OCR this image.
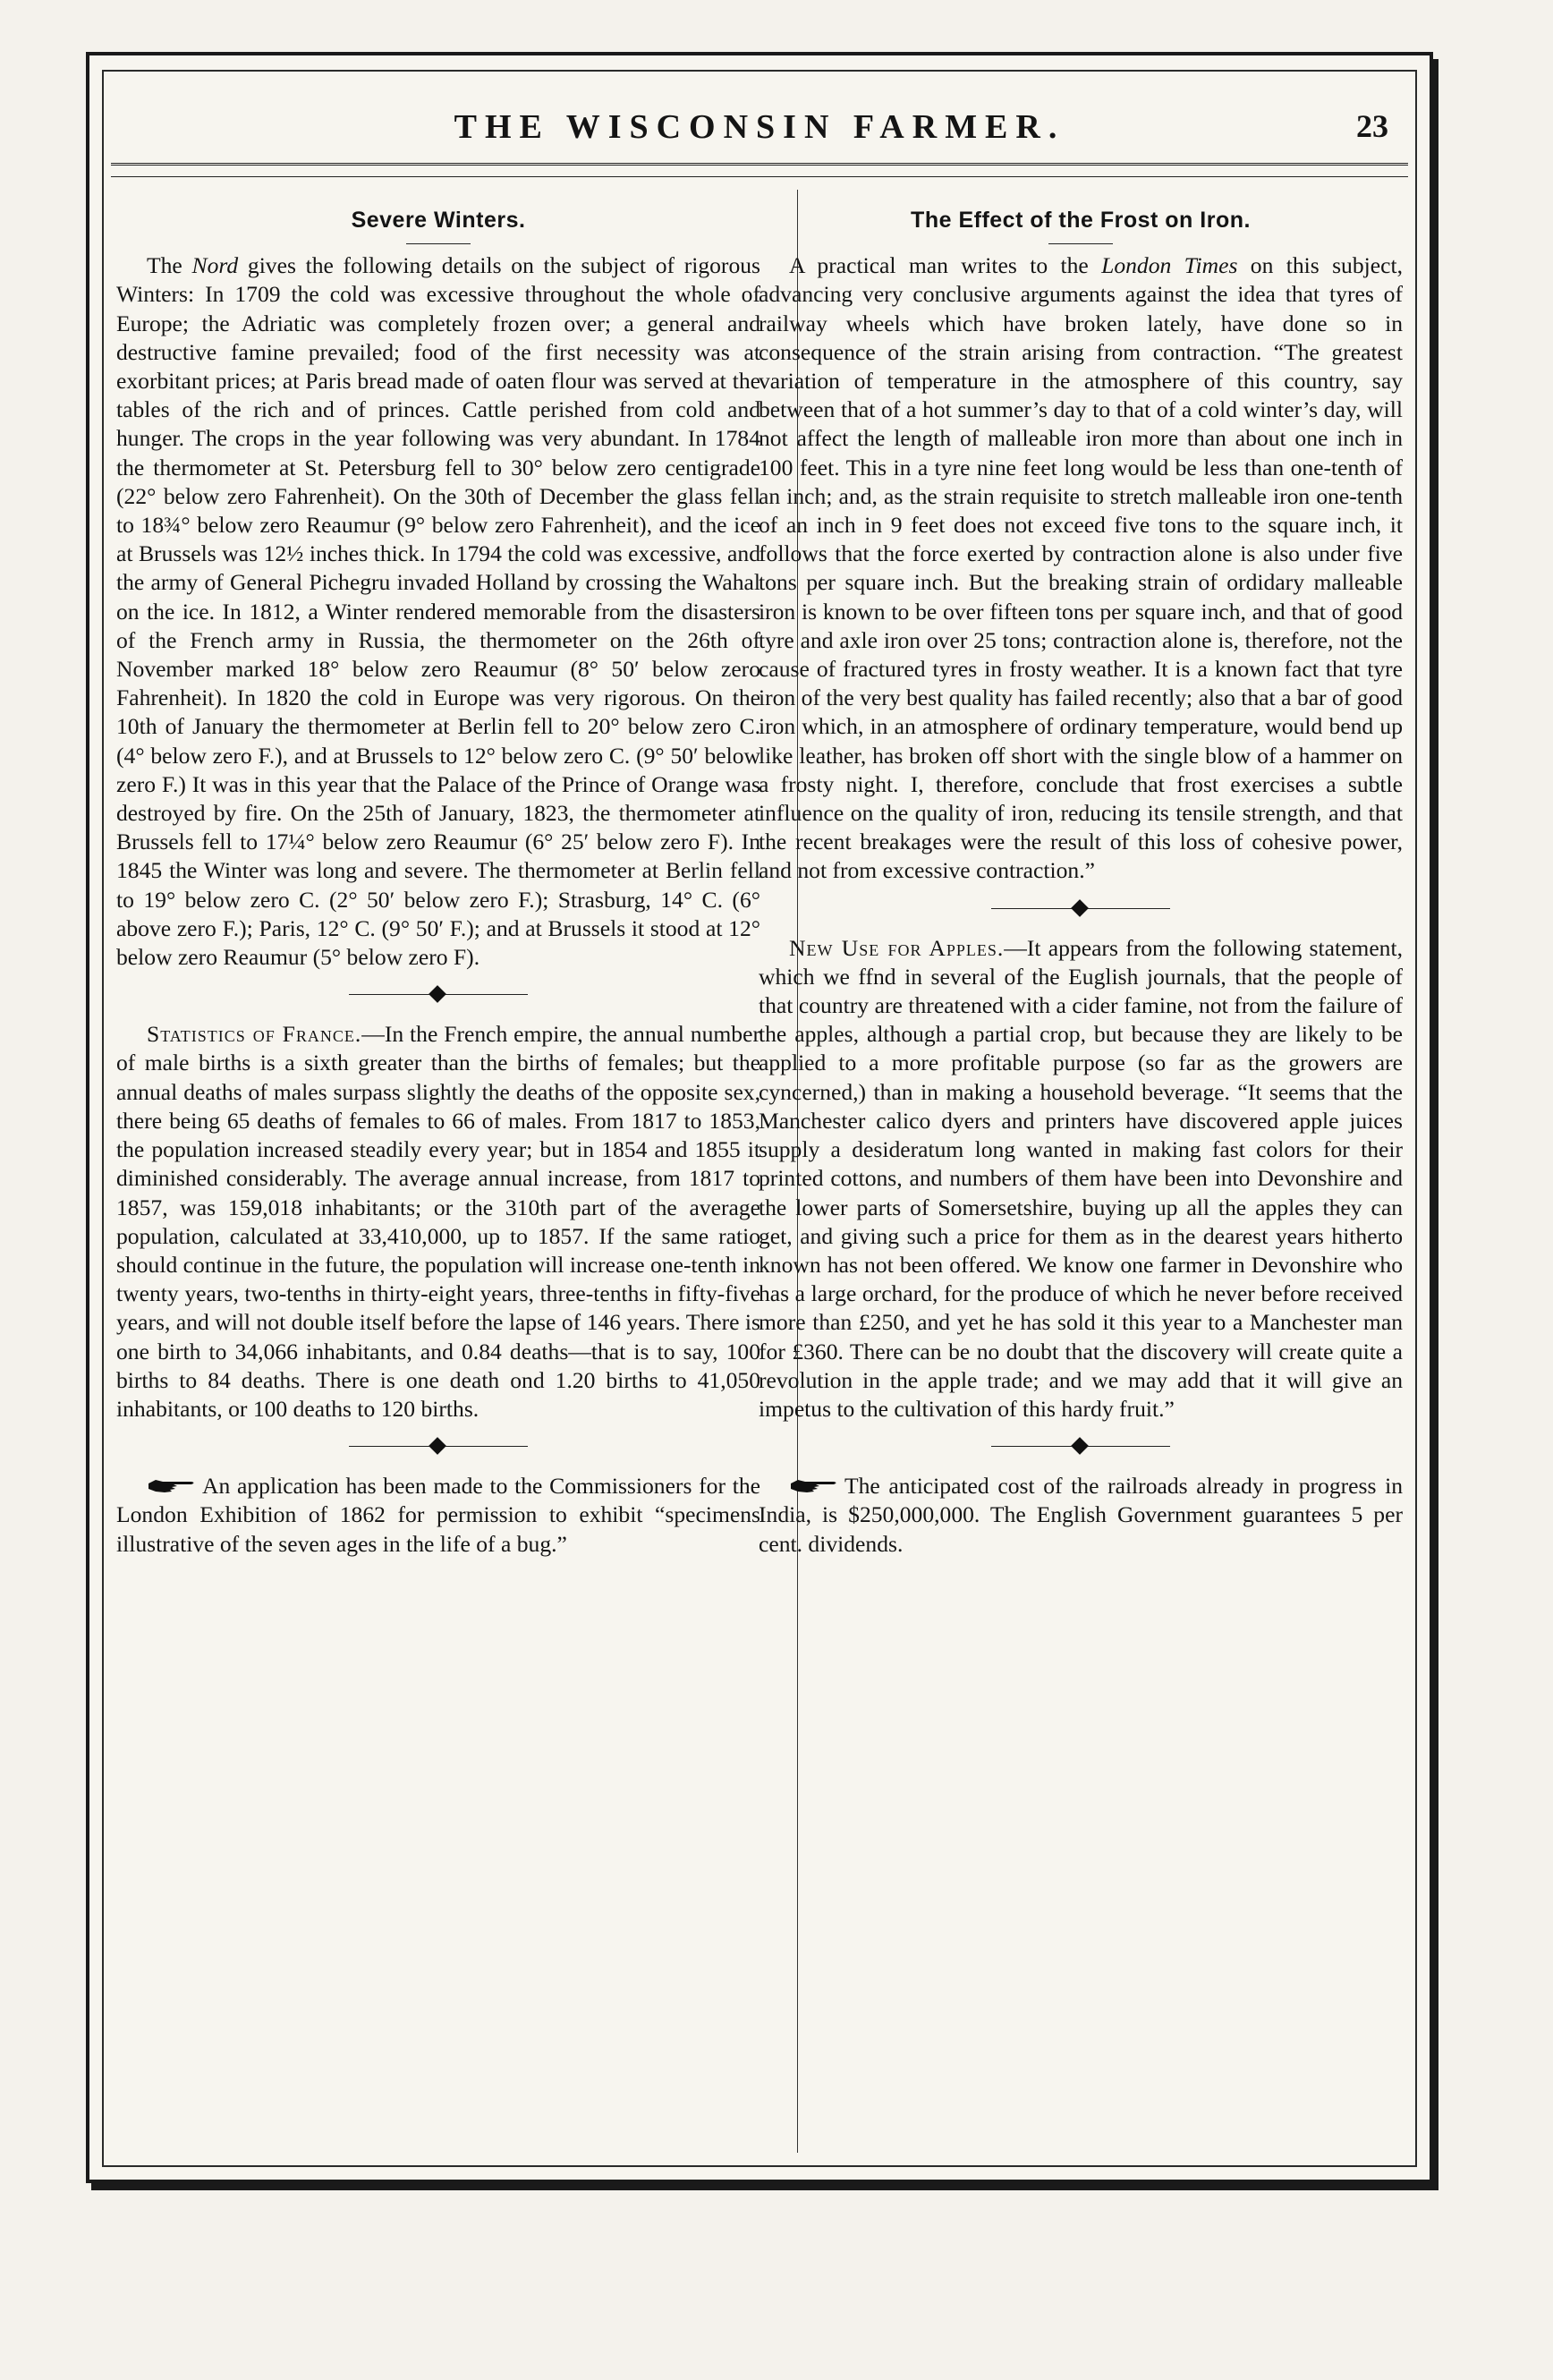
THE WISCONSIN FARMER.	23
Severe Winters.

The Nord gives the following details on the subject of rigorous Winters: In 1709 the cold was excessive throughout the whole of Europe; the Adriatic was completely frozen over; a general and destructive famine prevailed; food of the first necessity was at exorbitant prices; at Paris bread made of oaten flour was served at the tables of the rich and of princes. Cattle perished from cold and hunger. The crops in the year following was very abundant. In 1784 the thermometer at St. Petersburg fell to 30° below zero centigrade (22° below zero Fahrenheit). On the 30th of December the glass fell to 18¾° below zero Reaumur (9° below zero Fahrenheit), and the ice at Brussels was 12½ inches thick. In 1794 the cold was excessive, and the army of General Pichegru invaded Holland by crossing the Wahal on the ice. In 1812, a Winter rendered memorable from the disasters of the French army in Russia, the thermometer on the 26th of November marked 18° below zero Reaumur (8° 50′ below zero Fahrenheit). In 1820 the cold in Europe was very rigorous. On the 10th of January the thermometer at Berlin fell to 20° below zero C. (4° below zero F.), and at Brussels to 12° below zero C. (9° 50′ below zero F.) It was in this year that the Palace of the Prince of Orange was destroyed by fire. On the 25th of January, 1823, the thermometer at Brussels fell to 17¼° below zero Reaumur (6° 25′ below zero F). In 1845 the Winter was long and severe. The thermometer at Berlin fell to 19° below zero C. (2° 50′ below zero F.); Strasburg, 14° C. (6° above zero F.); Paris, 12° C. (9° 50′ F.); and at Brussels it stood at 12° below zero Reaumur (5° below zero F).

Statistics of France.—In the French empire, the annual number of male births is a sixth greater than the births of females; but the annual deaths of males surpass slightly the deaths of the opposite sex, there being 65 deaths of females to 66 of males. From 1817 to 1853, the population increased steadily every year; but in 1854 and 1855 it diminished considerably. The average annual increase, from 1817 to 1857, was 159,018 inhabitants; or the 310th part of the average population, calculated at 33,410,000, up to 1857. If the same ratio should continue in the future, the population will increase one-tenth in twenty years, two-tenths in thirty-eight years, three-tenths in fifty-five years, and will not double itself before the lapse of 146 years. There is one birth to 34,066 inhabitants, and 0.84 deaths—that is to say, 100 births to 84 deaths. There is one death ond 1.20 births to 41,050 inhabitants, or 100 deaths to 120 births.

An application has been made to the Commissioners for the London Exhibition of 1862 for permission to exhibit “specimens illustrative of the seven ages in the life of a bug.”

The Effect of the Frost on Iron.

A practical man writes to the London Times on this subject, advancing very conclusive arguments against the idea that tyres of railway wheels which have broken lately, have done so in consequence of the strain arising from contraction. “The greatest variation of temperature in the atmosphere of this country, say between that of a hot summer’s day to that of a cold winter’s day, will not affect the length of malleable iron more than about one inch in 100 feet. This in a tyre nine feet long would be less than one-tenth of an inch; and, as the strain requisite to stretch malleable iron one-tenth of an inch in 9 feet does not exceed five tons to the square inch, it follows that the force exerted by contraction alone is also under five tons per square inch. But the breaking strain of ordidary malleable iron is known to be over fifteen tons per square inch, and that of good tyre and axle iron over 25 tons; contraction alone is, therefore, not the cause of fractured tyres in frosty weather. It is a known fact that tyre iron of the very best quality has failed recently; also that a bar of good iron which, in an atmosphere of ordinary temperature, would bend up like leather, has broken off short with the single blow of a hammer on a frosty night. I, therefore, conclude that frost exercises a subtle influence on the quality of iron, reducing its tensile strength, and that the recent breakages were the result of this loss of cohesive power, and not from excessive contraction.”

New Use for Apples.—It appears from the following statement, which we ffnd in several of the Euglish journals, that the people of that country are threatened with a cider famine, not from the failure of the apples, although a partial crop, but because they are likely to be applied to a more profitable purpose (so far as the growers are cyncerned,) than in making a household beverage. “It seems that the Manchester calico dyers and printers have discovered apple juices supply a desideratum long wanted in making fast colors for their printed cottons, and numbers of them have been into Devonshire and the lower parts of Somersetshire, buying up all the apples they can get, and giving such a price for them as in the dearest years hitherto known has not been offered. We know one farmer in Devonshire who has a large orchard, for the produce of which he never before received more than £250, and yet he has sold it this year to a Manchester man for £360. There can be no doubt that the discovery will create quite a revolution in the apple trade; and we may add that it will give an impetus to the cultivation of this hardy fruit.”

The anticipated cost of the railroads already in progress in India, is $250,000,000. The English Government guarantees 5 per cent. dividends.
